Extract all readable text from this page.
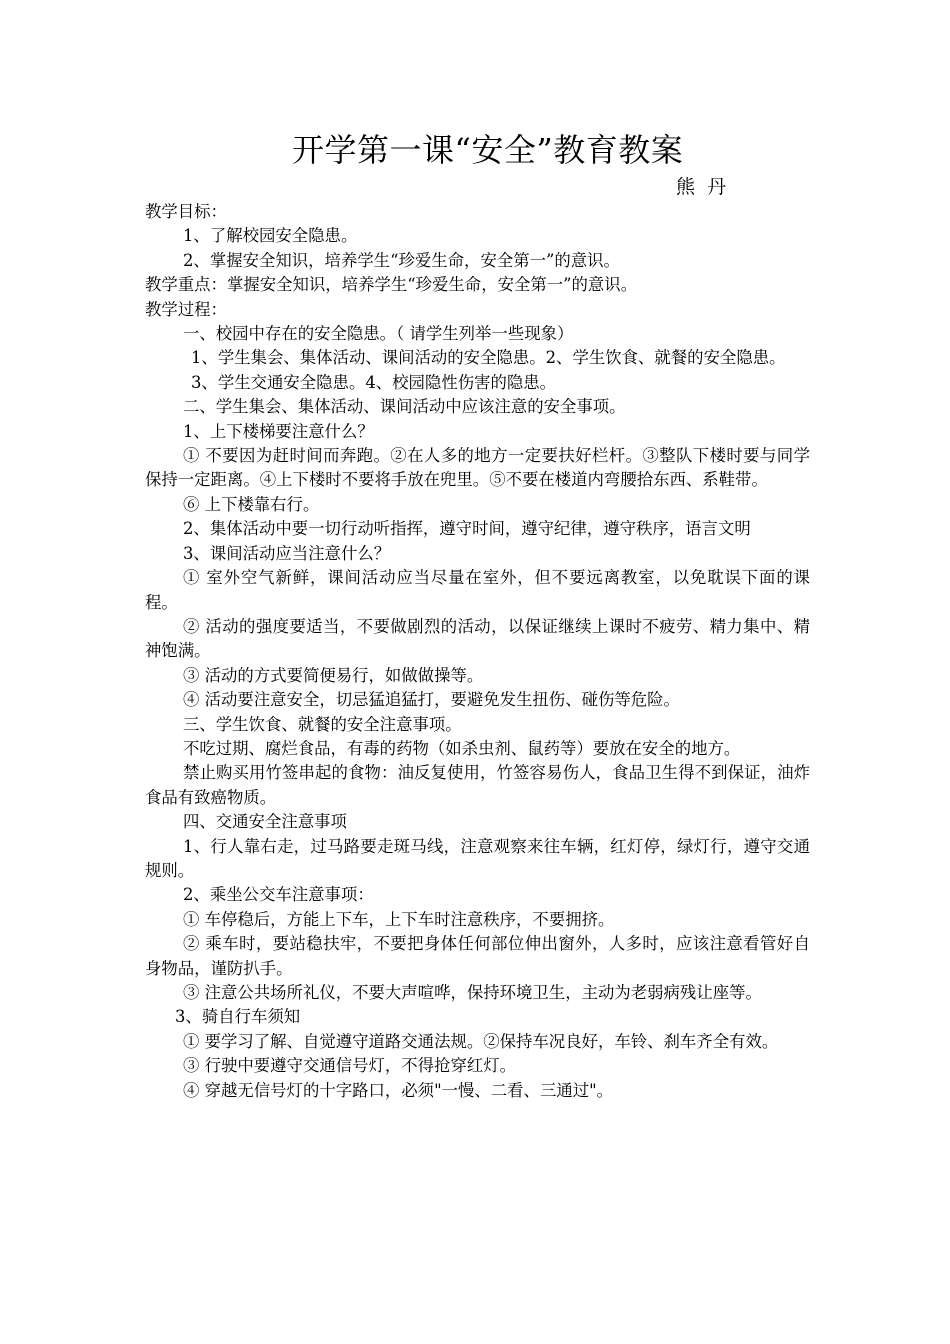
开学第一课“安全”教育教案
熊  丹

教学目标：

1、了解校园安全隐患。

2、掌握安全知识，培养学生“珍爱生命，安全第一”的意识。

教学重点：掌握安全知识，培养学生“珍爱生命，安全第一”的意识。

教学过程：

一、校园中存在的安全隐患。（ 请学生列举一些现象）

1、学生集会、集体活动、课间活动的安全隐患。2、学生饮食、就餐的安全隐患。

3、学生交通安全隐患。4、校园隐性伤害的隐患。

二、学生集会、集体活动、课间活动中应该注意的安全事项。

1、上下楼梯要注意什么？

① 不要因为赶时间而奔跑。②在人多的地方一定要扶好栏杆。③整队下楼时要与同学保持一定距离。④上下楼时不要将手放在兜里。⑤不要在楼道内弯腰拾东西、系鞋带。

⑥ 上下楼靠右行。

2、集体活动中要一切行动听指挥，遵守时间，遵守纪律，遵守秩序，语言文明

3、课间活动应当注意什么？

① 室外空气新鲜，课间活动应当尽量在室外，但不要远离教室，以免耽误下面的课程。

② 活动的强度要适当，不要做剧烈的活动，以保证继续上课时不疲劳、精力集中、精神饱满。

③ 活动的方式要简便易行，如做做操等。

④ 活动要注意安全，切忌猛追猛打，要避免发生扭伤、碰伤等危险。

三、学生饮食、就餐的安全注意事项。

不吃过期、腐烂食品，有毒的药物（如杀虫剂、鼠药等）要放在安全的地方。

禁止购买用竹签串起的食物：油反复使用，竹签容易伤人，食品卫生得不到保证，油炸食品有致癌物质。

四、交通安全注意事项

1、行人靠右走，过马路要走斑马线，注意观察来往车辆，红灯停，绿灯行，遵守交通规则。

2、乘坐公交车注意事项：

① 车停稳后，方能上下车，上下车时注意秩序，不要拥挤。

② 乘车时，要站稳扶牢，不要把身体任何部位伸出窗外，人多时，应该注意看管好自身物品，谨防扒手。

③ 注意公共场所礼仪，不要大声喧哗，保持环境卫生，主动为老弱病残让座等。

3、骑自行车须知

① 要学习了解、自觉遵守道路交通法规。②保持车况良好，车铃、刹车齐全有效。

③ 行驶中要遵守交通信号灯，不得抢穿红灯。

④ 穿越无信号灯的十字路口，必须"一慢、二看、三通过"。
